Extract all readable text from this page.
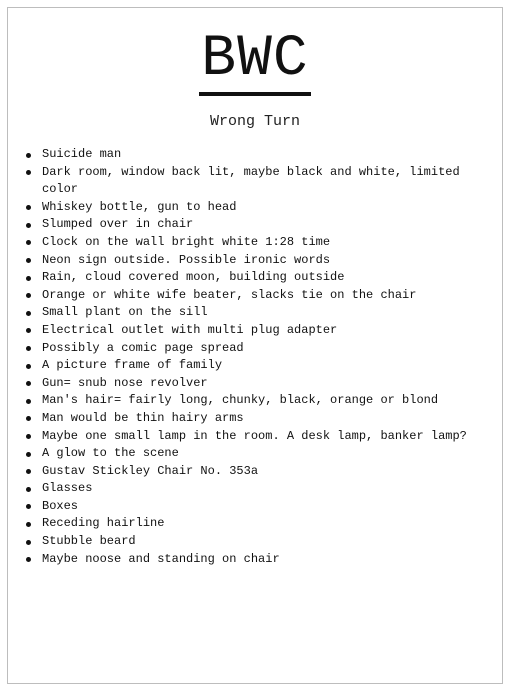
BWC
Wrong Turn
Suicide man
Dark room, window back lit, maybe black and white, limited color
Whiskey bottle, gun to head
Slumped over in chair
Clock on the wall bright white 1:28 time
Neon sign outside. Possible ironic words
Rain, cloud covered moon, building outside
Orange or white wife beater, slacks tie on the chair
Small plant on the sill
Electrical outlet with multi plug adapter
Possibly a comic page spread
A picture frame of family
Gun= snub nose revolver
Man's hair= fairly long, chunky, black, orange or blond
Man would be thin hairy arms
Maybe one small lamp in the room. A desk lamp, banker lamp?
A glow to the scene
Gustav Stickley Chair No. 353a
Glasses
Boxes
Receding hairline
Stubble beard
Maybe noose and standing on chair
